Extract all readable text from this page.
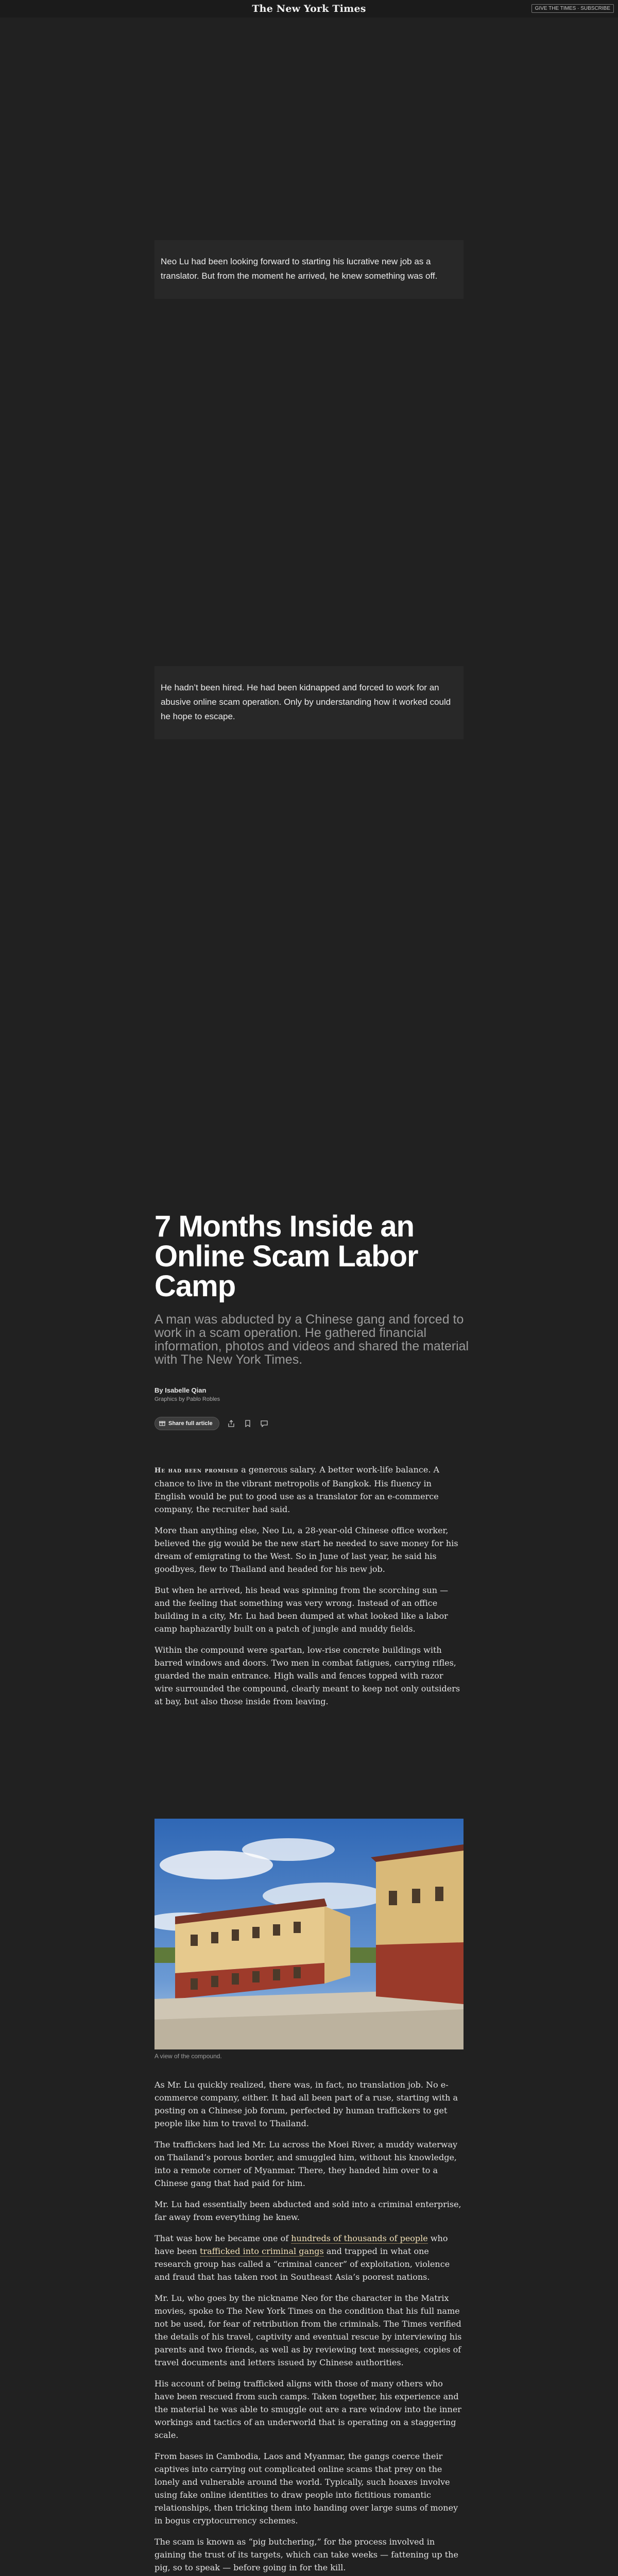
The New York Times	GIVE THE TIMES · SUBSCRIBE
Neo Lu had been looking forward to starting his lucrative new job as a translator. But from the moment he arrived, he knew something was off.
He hadn’t been hired. He had been kidnapped and forced to work for an abusive online scam operation. Only by understanding how it worked could he hope to escape.
7 Months Inside an Online Scam Labor Camp
A man was abducted by a Chinese gang and forced to work in a scam operation. He gathered financial information, photos and videos and shared the material with The New York Times.
By Isabelle Qian
Graphics by Pablo Robles
Share full article

He had been promised a generous salary. A better work-life balance. A chance to live in the vibrant metropolis of Bangkok. His fluency in English would be put to good use as a translator for an e-commerce company, the recruiter had said.

More than anything else, Neo Lu, a 28-year-old Chinese office worker, believed the gig would be the new start he needed to save money for his dream of emigrating to the West. So in June of last year, he said his goodbyes, flew to Thailand and headed for his new job.

But when he arrived, his head was spinning from the scorching sun — and the feeling that something was very wrong. Instead of an office building in a city, Mr. Lu had been dumped at what looked like a labor camp haphazardly built on a patch of jungle and muddy fields.

Within the compound were spartan, low-rise concrete buildings with barred windows and doors. Two men in combat fatigues, carrying rifles, guarded the main entrance. High walls and fences topped with razor wire surrounded the compound, clearly meant to keep not only outsiders at bay, but also those inside from leaving.

A view of the compound.

As Mr. Lu quickly realized, there was, in fact, no translation job. No e-commerce company, either. It had all been part of a ruse, starting with a posting on a Chinese job forum, perfected by human traffickers to get people like him to travel to Thailand.

The traffickers had led Mr. Lu across the Moei River, a muddy waterway on Thailand’s porous border, and smuggled him, without his knowledge, into a remote corner of Myanmar. There, they handed him over to a Chinese gang that had paid for him.

Mr. Lu had essentially been abducted and sold into a criminal enterprise, far away from everything he knew.

That was how he became one of hundreds of thousands of people who have been trafficked into criminal gangs and trapped in what one research group has called a “criminal cancer” of exploitation, violence and fraud that has taken root in Southeast Asia’s poorest nations.

Mr. Lu, who goes by the nickname Neo for the character in the Matrix movies, spoke to The New York Times on the condition that his full name not be used, for fear of retribution from the criminals. The Times verified the details of his travel, captivity and eventual rescue by interviewing his parents and two friends, as well as by reviewing text messages, copies of travel documents and letters issued by Chinese authorities.

His account of being trafficked aligns with those of many others who have been rescued from such camps. Taken together, his experience and the material he was able to smuggle out are a rare window into the inner workings and tactics of an underworld that is operating on a staggering scale.

From bases in Cambodia, Laos and Myanmar, the gangs coerce their captives into carrying out complicated online scams that prey on the lonely and vulnerable around the world. Typically, such hoaxes involve using fake online identities to draw people into fictitious romantic relationships, then tricking them into handing over large sums of money in bogus cryptocurrency schemes.

The scam is known as “pig butchering,” for the process involved in gaining the trust of its targets, which can take weeks — fattening up the pig, so to speak — before going in for the kill.
